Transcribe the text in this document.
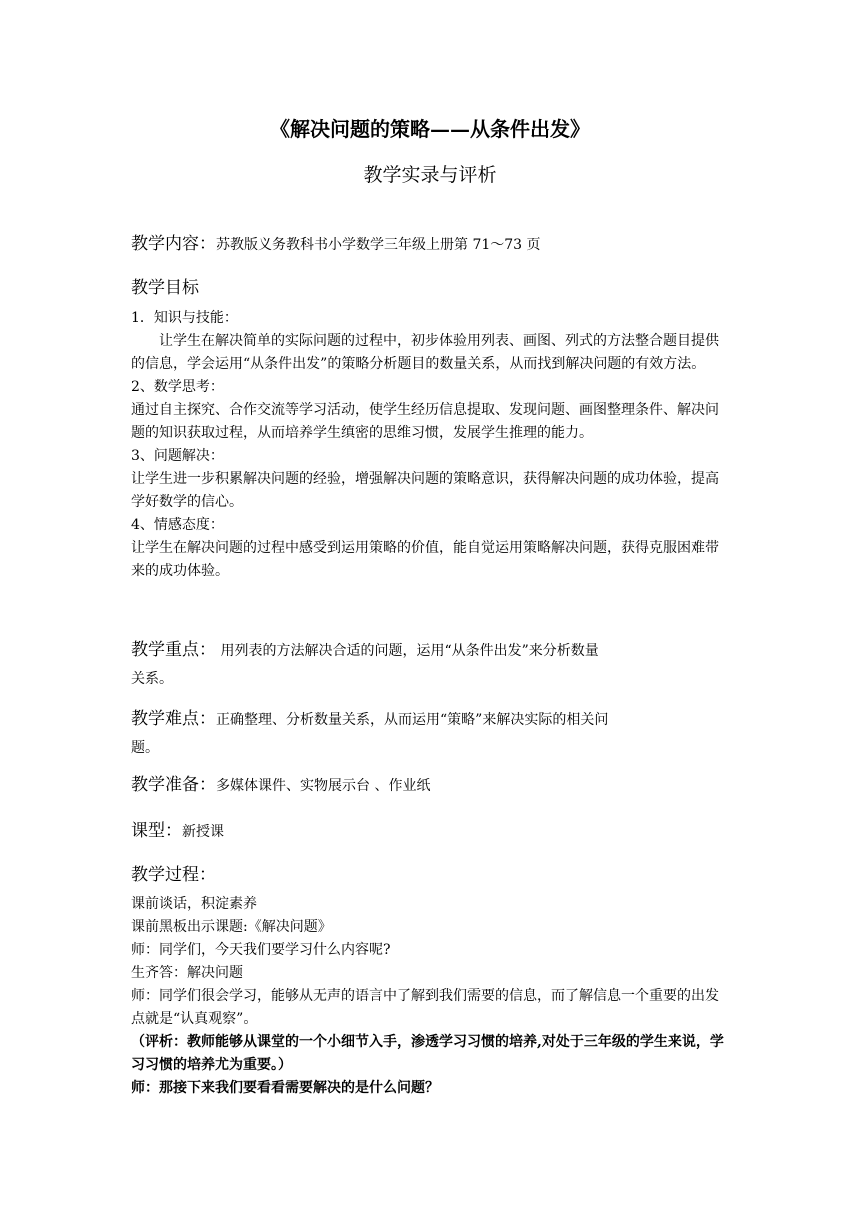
《解决问题的策略——从条件出发》
教学实录与评析
教学内容：苏教版义务教科书小学数学三年级上册第 71～73 页
教学目标
1．知识与技能：
让学生在解决简单的实际问题的过程中，初步体验用列表、画图、列式的方法整合题目提供的信息，学会运用“从条件出发”的策略分析题目的数量关系，从而找到解决问题的有效方法。
2、数学思考：
通过自主探究、合作交流等学习活动，使学生经历信息提取、发现问题、画图整理条件、解决问题的知识获取过程，从而培养学生缜密的思维习惯，发展学生推理的能力。
3、问题解决：
让学生进一步积累解决问题的经验，增强解决问题的策略意识，获得解决问题的成功体验，提高学好数学的信心。
4、情感态度：
让学生在解决问题的过程中感受到运用策略的价值，能自觉运用策略解决问题，获得克服困难带来的成功体验。
教学重点： 用列表的方法解决合适的问题，运用“从条件出发”来分析数量
关系。
教学难点：正确整理、分析数量关系，从而运用“策略”来解决实际的相关问
题。
教学准备：多媒体课件、实物展示台 、作业纸
课型：新授课
教学过程：
课前谈话，积淀素养
课前黑板出示课题:《解决问题》
师：同学们，今天我们要学习什么内容呢?
生齐答：解决问题
师：同学们很会学习，能够从无声的语言中了解到我们需要的信息，而了解信息一个重要的出发点就是“认真观察”。
（评析：教师能够从课堂的一个小细节入手，渗透学习习惯的培养,对处于三年级的学生来说，学习习惯的培养尤为重要。）
师：那接下来我们要看看需要解决的是什么问题？
